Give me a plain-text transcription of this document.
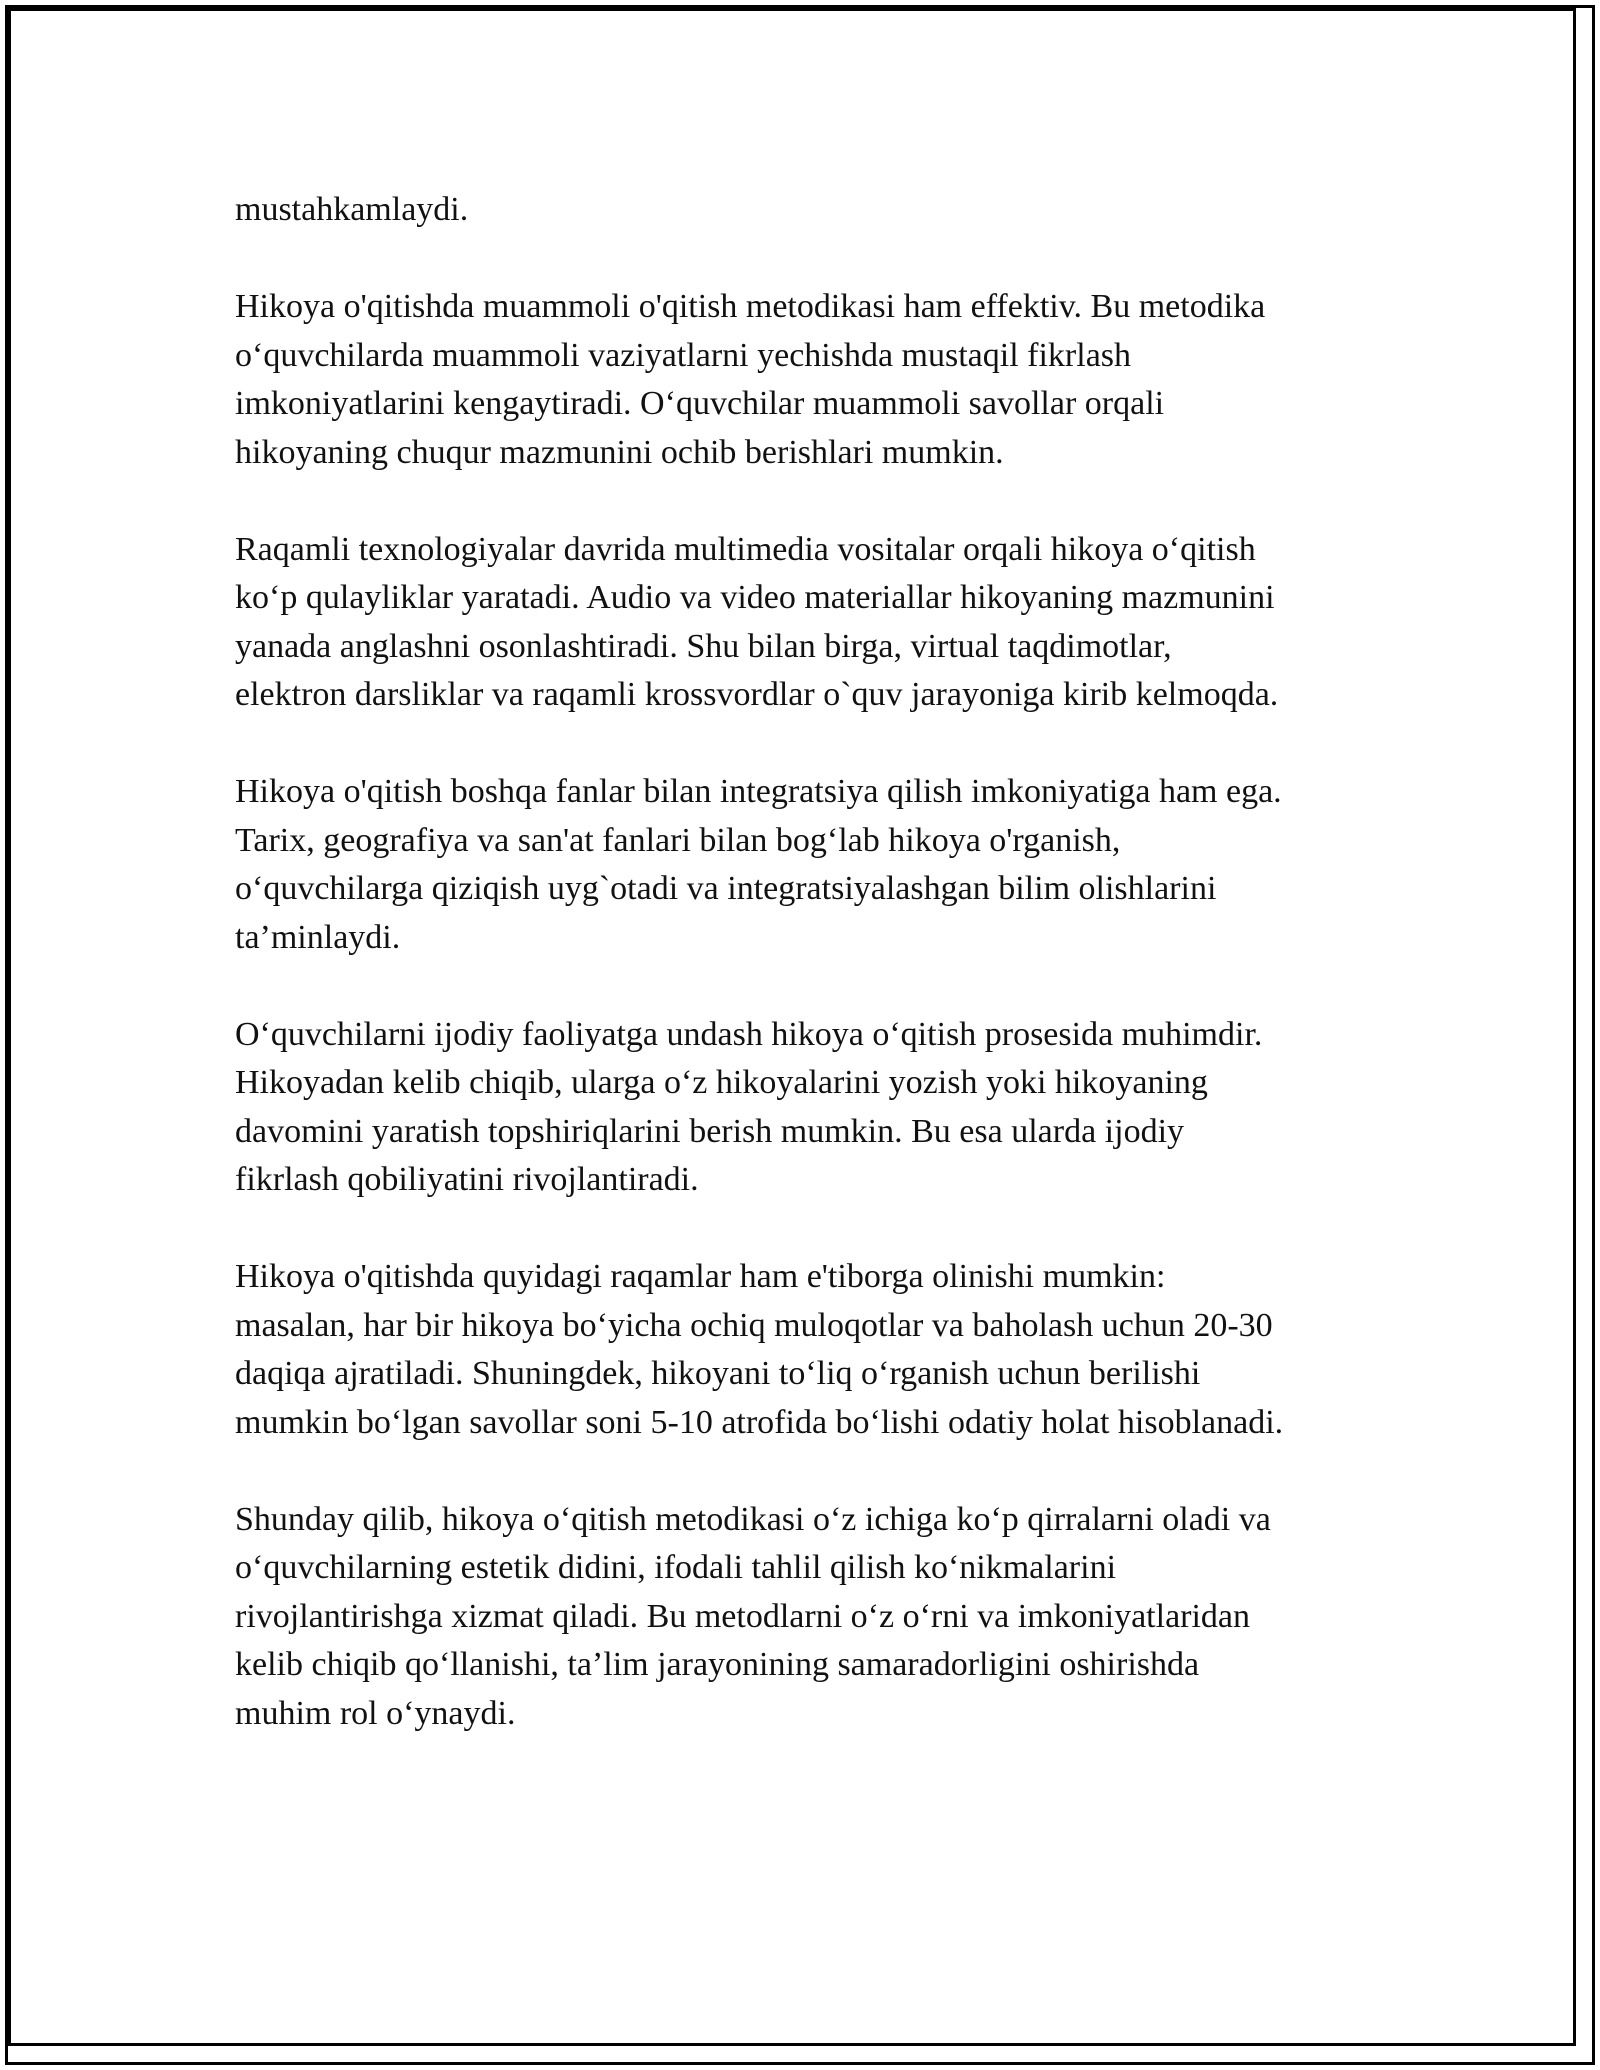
mustahkamlaydi.

Hikoya o'qitishda muammoli o'qitish metodikasi ham effektiv. Bu metodika
o‘quvchilarda muammoli vaziyatlarni yechishda mustaqil fikrlash
imkoniyatlarini kengaytiradi. O‘quvchilar muammoli savollar orqali
hikoyaning chuqur mazmunini ochib berishlari mumkin.

Raqamli texnologiyalar davrida multimedia vositalar orqali hikoya o‘qitish
ko‘p qulayliklar yaratadi. Audio va video materiallar hikoyaning mazmunini
yanada anglashni osonlashtiradi. Shu bilan birga, virtual taqdimotlar,
elektron darsliklar va raqamli krossvordlar o`quv jarayoniga kirib kelmoqda.

Hikoya o'qitish boshqa fanlar bilan integratsiya qilish imkoniyatiga ham ega.
Tarix, geografiya va san'at fanlari bilan bog‘lab hikoya o'rganish,
o‘quvchilarga qiziqish uyg`otadi va integratsiyalashgan bilim olishlarini
ta’minlaydi.

O‘quvchilarni ijodiy faoliyatga undash hikoya o‘qitish prosesida muhimdir.
Hikoyadan kelib chiqib, ularga o‘z hikoyalarini yozish yoki hikoyaning
davomini yaratish topshiriqlarini berish mumkin. Bu esa ularda ijodiy
fikrlash qobiliyatini rivojlantiradi.

Hikoya o'qitishda quyidagi raqamlar ham e'tiborga olinishi mumkin:
masalan, har bir hikoya bo‘yicha ochiq muloqotlar va baholash uchun 20-30
daqiqa ajratiladi. Shuningdek, hikoyani to‘liq o‘rganish uchun berilishi
mumkin bo‘lgan savollar soni 5-10 atrofida bo‘lishi odatiy holat hisoblanadi.

Shunday qilib, hikoya o‘qitish metodikasi o‘z ichiga ko‘p qirralarni oladi va
o‘quvchilarning estetik didini, ifodali tahlil qilish ko‘nikmalarini
rivojlantirishga xizmat qiladi. Bu metodlarni o‘z o‘rni va imkoniyatlaridan
kelib chiqib qo‘llanishi, ta’lim jarayonining samaradorligini oshirishda
muhim rol o‘ynaydi.
